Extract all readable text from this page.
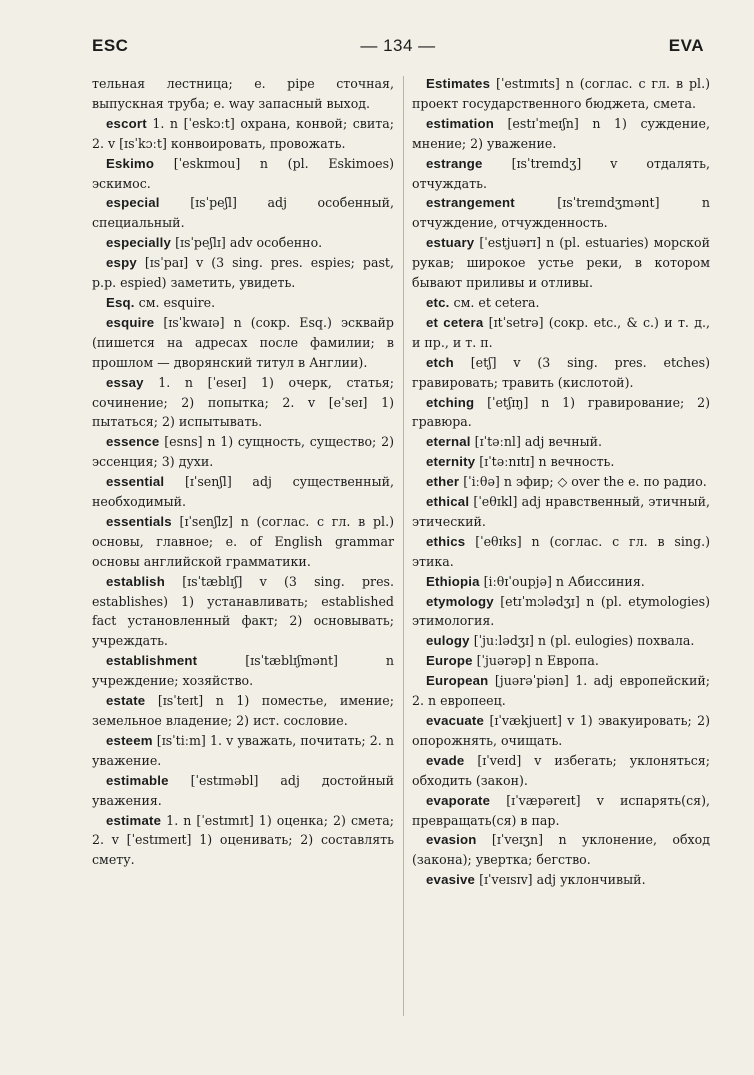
ESC	— 134 —	EVA

тельная лестница; e. pipe сточная, выпускная труба; e. way запасный выход.

escort 1. n [ˈeskɔːt] охрана, конвой; свита; 2. v [ɪsˈkɔːt] конвоировать, провожать.

Eskimo [ˈeskɪmou] n (pl. Eskimoes) эскимос.

especial [ɪsˈpeʃl] adj особенный, специальный.

especially [ɪsˈpeʃlɪ] adv особенно.

espy [ɪsˈpaɪ] v (3 sing. pres. espies; past, p.p. espied) заметить, увидеть.

Esq. см. esquire.

esquire [ɪsˈkwaɪə] n (сокр. Esq.) эсквайр (пишется на адресах после фамилии; в прошлом — дворянский титул в Англии).

essay 1. n [ˈeseɪ] 1) очерк, статья; сочинение; 2) попытка; 2. v [eˈseɪ] 1) пытаться; 2) испытывать.

essence [esns] n 1) сущность, существо; 2) эссенция; 3) духи.

essential [ɪˈsenʃl] adj существенный, необходимый.

essentials [ɪˈsenʃlz] n (соглас. с гл. в pl.) основы, главное; e. of English grammar основы английской грамматики.

establish [ɪsˈtæblɪʃ] v (3 sing. pres. establishes) 1) устанавливать; established fact установленный факт; 2) основывать; учреждать.

establishment [ɪsˈtæblɪʃmənt] n учреждение; хозяйство.

estate [ɪsˈteɪt] n 1) поместье, имение; земельное владение; 2) ист. сословие.

esteem [ɪsˈtiːm] 1. v уважать, почитать; 2. n уважение.

estimable [ˈestɪməbl] adj достойный уважения.

estimate 1. n [ˈestɪmɪt] 1) оценка; 2) смета; 2. v [ˈestɪmeɪt] 1) оценивать; 2) составлять смету.

Estimates [ˈestɪmɪts] n (соглас. с гл. в pl.) проект государственного бюджета, смета.

estimation [estɪˈmeɪʃn] n 1) суждение, мнение; 2) уважение.

estrange [ɪsˈtreɪndʒ] v отдалять, отчуждать.

estrangement [ɪsˈtreɪndʒmənt] n отчуждение, отчужденность.

estuary [ˈestjuərɪ] n (pl. estuaries) морской рукав; широкое устье реки, в котором бывают приливы и отливы.

etc. см. et cetera.

et cetera [ɪtˈsetrə] (сокр. etc., & c.) и т. д., и пр., и т. п.

etch [etʃ] v (3 sing. pres. etches) гравировать; травить (кислотой).

etching [ˈetʃɪŋ] n 1) гравирование; 2) гравюра.

eternal [ɪˈtəːnl] adj вечный.

eternity [ɪˈtəːnɪtɪ] n вечность.

ether [ˈiːθə] n эфир; ◇ over the e. по радио.

ethical [ˈeθɪkl] adj нравственный, этичный, этический.

ethics [ˈeθɪks] n (соглас. с гл. в sing.) этика.

Ethiopia [iːθɪˈoupjə] n Абиссиния.

etymology [etɪˈmɔlədʒɪ] n (pl. etymologies) этимология.

eulogy [ˈjuːlədʒɪ] n (pl. eulogies) похвала.

Europe [ˈjuərəp] n Европа.

European [juərəˈpiən] 1. adj европейский; 2. n европеец.

evacuate [ɪˈvækjueɪt] v 1) эвакуировать; 2) опорожнять, очищать.

evade [ɪˈveɪd] v избегать; уклоняться; обходить (закон).

evaporate [ɪˈvæpəreɪt] v испарять(ся), превращать(ся) в пар.

evasion [ɪˈveɪʒn] n уклонение, обход (закона); увертка; бегство.

evasive [ɪˈveɪsɪv] adj уклончивый.
